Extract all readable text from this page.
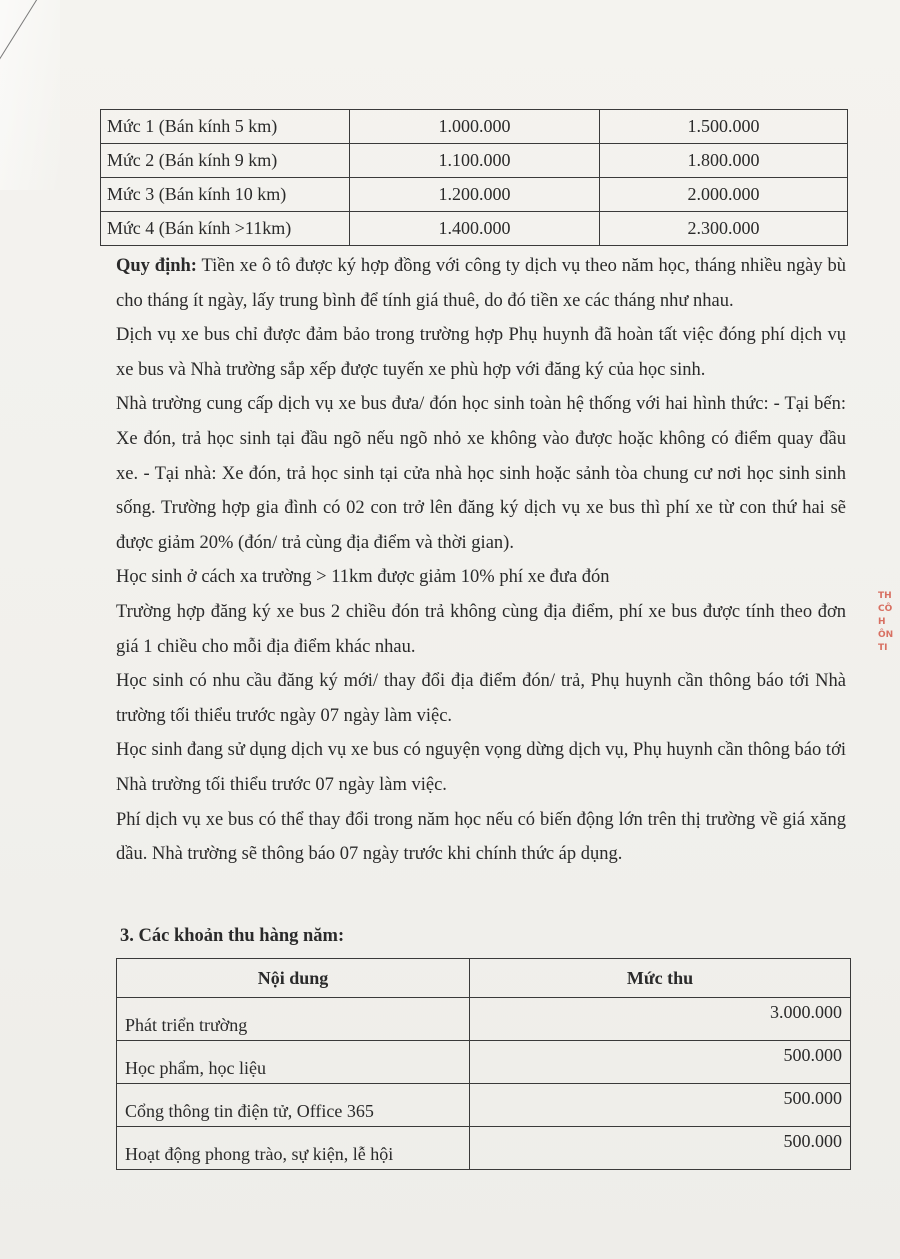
Mức 1 (Bán kính 5 km)	1.000.000	1.500.000
Mức 2 (Bán kính 9 km)	1.100.000	1.800.000
Mức 3 (Bán kính 10 km)	1.200.000	2.000.000
Mức 4 (Bán kính >11km)	1.400.000	2.300.000

Quy định: Tiền xe ô tô được ký hợp đồng với công ty dịch vụ theo năm học, tháng nhiều ngày bù cho tháng ít ngày, lấy trung bình để tính giá thuê, do đó tiền xe các tháng như nhau.

Dịch vụ xe bus chỉ được đảm bảo trong trường hợp Phụ huynh đã hoàn tất việc đóng phí dịch vụ xe bus và Nhà trường sắp xếp được tuyến xe phù hợp với đăng ký của học sinh.

Nhà trường cung cấp dịch vụ xe bus đưa/ đón học sinh toàn hệ thống với hai hình thức: - Tại bến: Xe đón, trả học sinh tại đầu ngõ nếu ngõ nhỏ xe không vào được hoặc không có điểm quay đầu xe. - Tại nhà: Xe đón, trả học sinh tại cửa nhà học sinh hoặc sảnh tòa chung cư nơi học sinh sinh sống. Trường hợp gia đình có 02 con trở lên đăng ký dịch vụ xe bus thì phí xe từ con thứ hai sẽ được giảm 20% (đón/ trả cùng địa điểm và thời gian).

Học sinh ở cách xa trường > 11km được giảm 10% phí xe đưa đón

Trường hợp đăng ký xe bus 2 chiều đón trả không cùng địa điểm, phí xe bus được tính theo đơn giá 1 chiều cho mỗi địa điểm khác nhau.

Học sinh có nhu cầu đăng ký mới/ thay đổi địa điểm đón/ trả, Phụ huynh cần thông báo tới Nhà trường tối thiểu trước ngày 07 ngày làm việc.

Học sinh đang sử dụng dịch vụ xe bus có nguyện vọng dừng dịch vụ, Phụ huynh cần thông báo tới Nhà trường tối thiểu trước 07 ngày làm việc.

Phí dịch vụ xe bus có thể thay đổi trong năm học nếu có biến động lớn trên thị trường về giá xăng dầu. Nhà trường sẽ thông báo 07 ngày trước khi chính thức áp dụng.

3. Các khoản thu hàng năm:
Nội dung	Mức thu
Phát triển trường	3.000.000
Học phẩm, học liệu	500.000
Cổng thông tin điện tử, Office 365	500.000
Hoạt động phong trào, sự kiện, lễ hội	500.000
TH
CÔ
H
ÔN
TI
